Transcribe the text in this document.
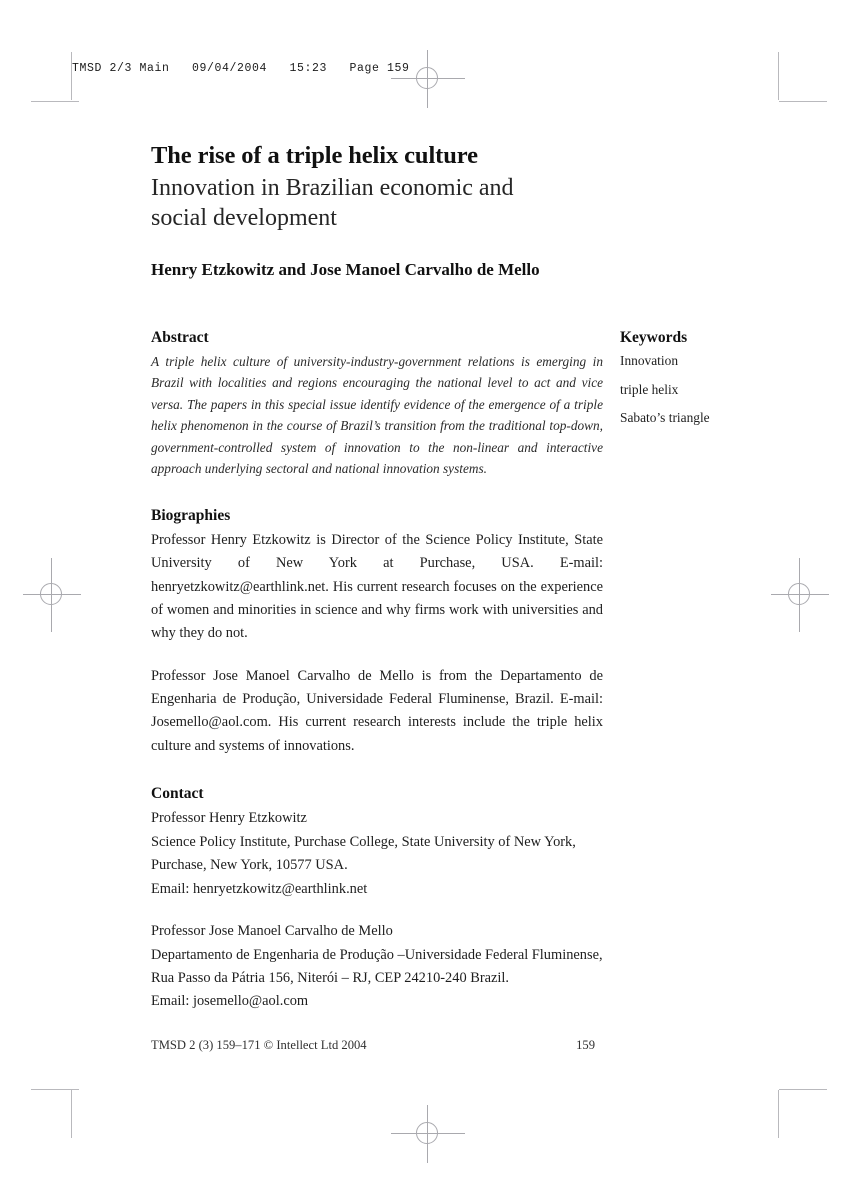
TMSD 2/3 Main   09/04/2004   15:23   Page 159
The rise of a triple helix culture
Innovation in Brazilian economic and social development
Henry Etzkowitz and Jose Manoel Carvalho de Mello
Abstract

A triple helix culture of university-industry-government relations is emerging in Brazil with localities and regions encouraging the national level to act and vice versa. The papers in this special issue identify evidence of the emergence of a triple helix phenomenon in the course of Brazil’s transition from the traditional top-down, government-controlled system of innovation to the non-linear and interactive approach underlying sectoral and national innovation systems.

Biographies

Professor Henry Etzkowitz is Director of the Science Policy Institute, State University of New York at Purchase, USA. E-mail: henryetzkowitz@earthlink.net. His current research focuses on the experience of women and minorities in science and why firms work with universities and why they do not.

Professor Jose Manoel Carvalho de Mello is from the Departamento de Engenharia de Produção, Universidade Federal Fluminense, Brazil. E-mail: Josemello@aol.com. His current research interests include the triple helix culture and systems of innovations.

Contact

Professor Henry Etzkowitz

Science Policy Institute, Purchase College, State University of New York, Purchase, New York, 10577 USA.

Email: henryetzkowitz@earthlink.net

Professor Jose Manoel Carvalho de Mello

Departamento de Engenharia de Produção –Universidade Federal Fluminense, Rua Passo da Pátria 156, Niterói – RJ, CEP 24210-240 Brazil.

Email: josemello@aol.com

Keywords
Innovation
triple helix
Sabato’s triangle
TMSD 2 (3) 159–171 © Intellect Ltd 2004	159
